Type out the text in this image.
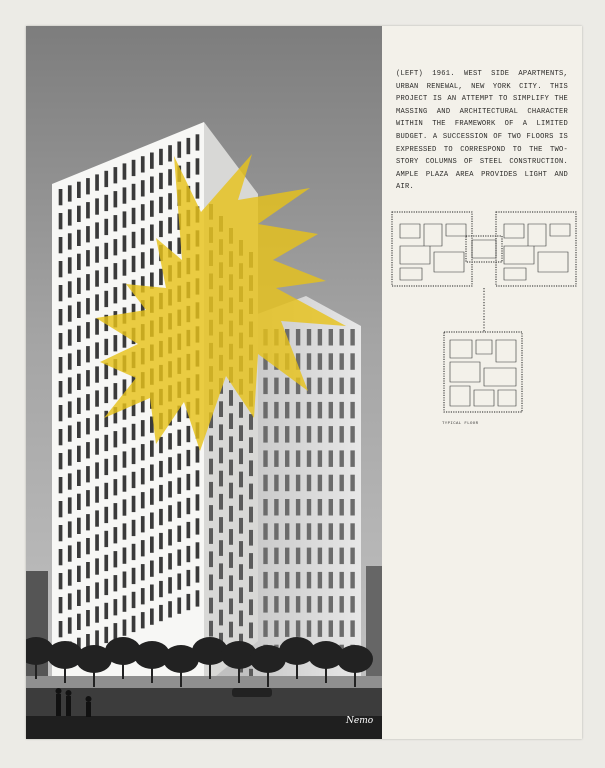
(LEFT) 1961. WEST SIDE APARTMENTS, URBAN RENEWAL, NEW YORK CITY. THIS PROJECT IS AN ATTEMPT TO SIMPLIFY THE MASSING AND ARCHITECTURAL CHARACTER WITHIN THE FRAMEWORK OF A LIMITED BUDGET. A SUCCESSION OF TWO FLOORS IS EXPRESSED TO CORRESPOND TO THE TWO-STORY COLUMNS OF STEEL CONSTRUCTION. AMPLE PLAZA AREA PROVIDES LIGHT AND AIR.
TYPICAL FLOOR
Nemo
